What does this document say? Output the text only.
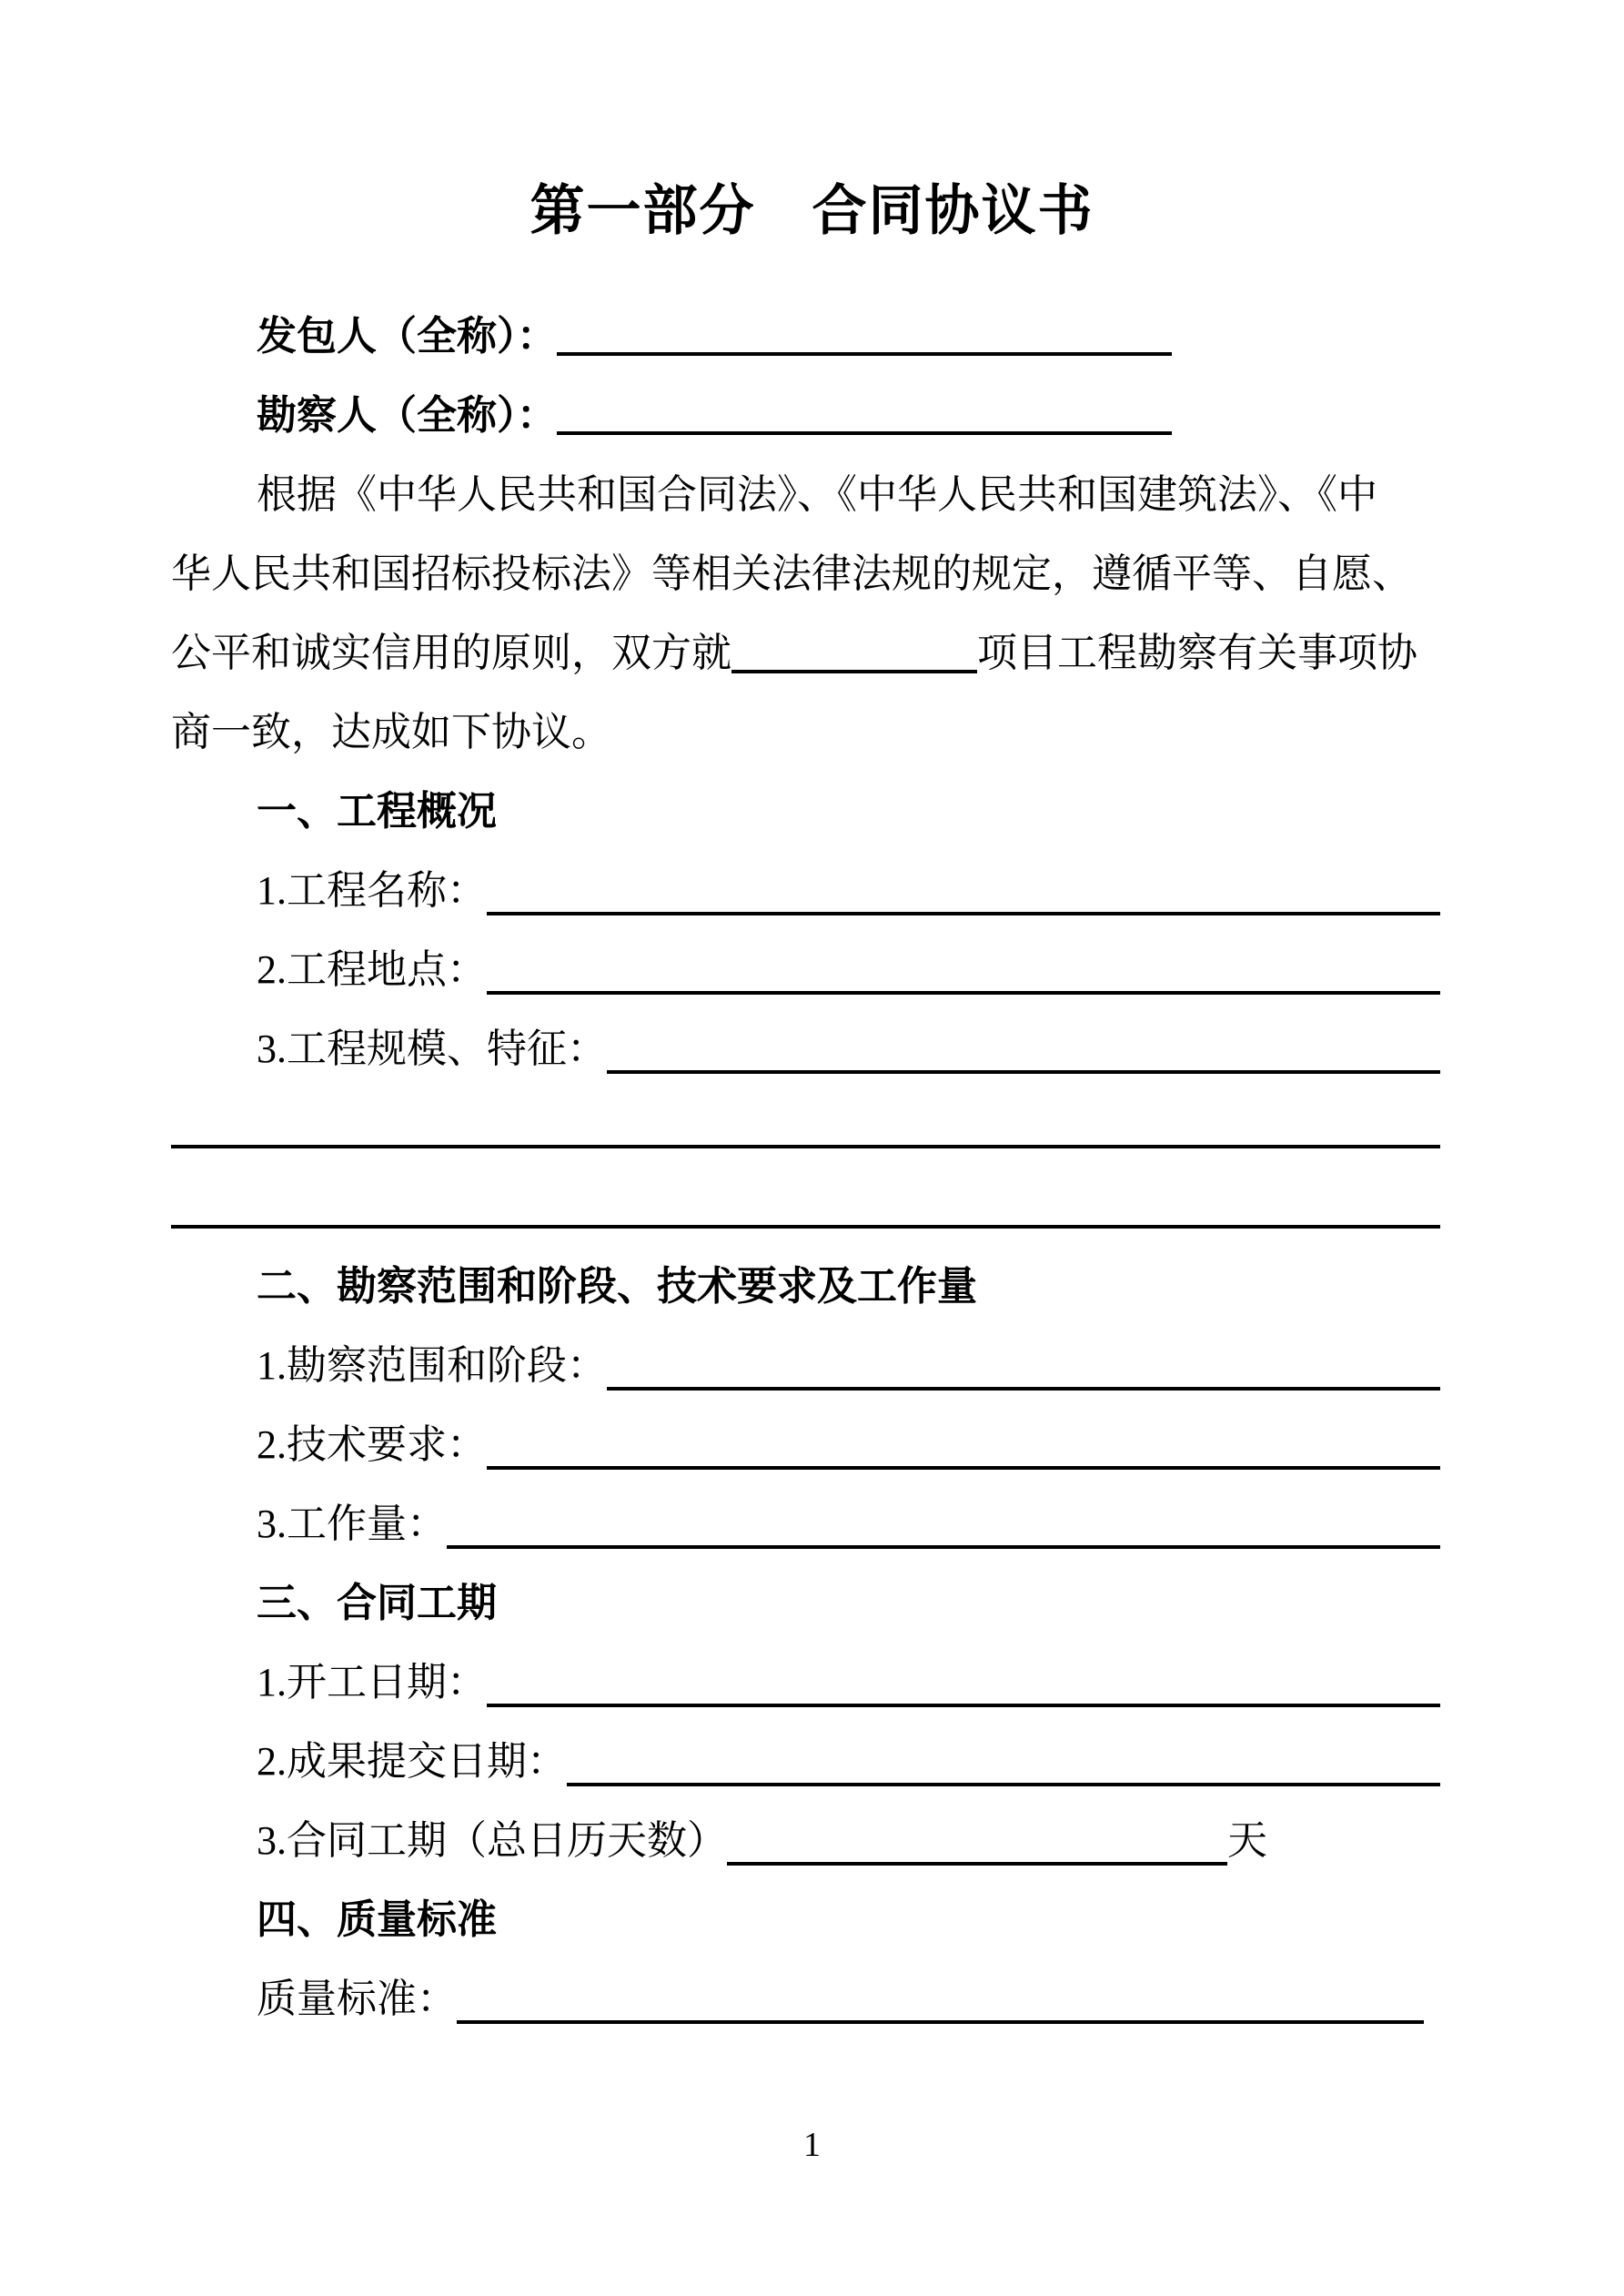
第一部分　合同协议书
发包人（全称）：
勘察人（全称）：
根据《中华人民共和国合同法》、《中华人民共和国建筑法》、《中
华人民共和国招标投标法》等相关法律法规的规定，遵循平等、自愿、
公平和诚实信用的原则，双方就	项目工程勘察有关事项协
商一致，达成如下协议。
一、工程概况
1.工程名称：
2.工程地点：
3.工程规模、特征：
二、勘察范围和阶段、技术要求及工作量
1.勘察范围和阶段：
2.技术要求：
3.工作量：
三、合同工期
1.开工日期：
2.成果提交日期：
3.合同工期（总日历天数）	天
四、质量标准
质量标准：
1
